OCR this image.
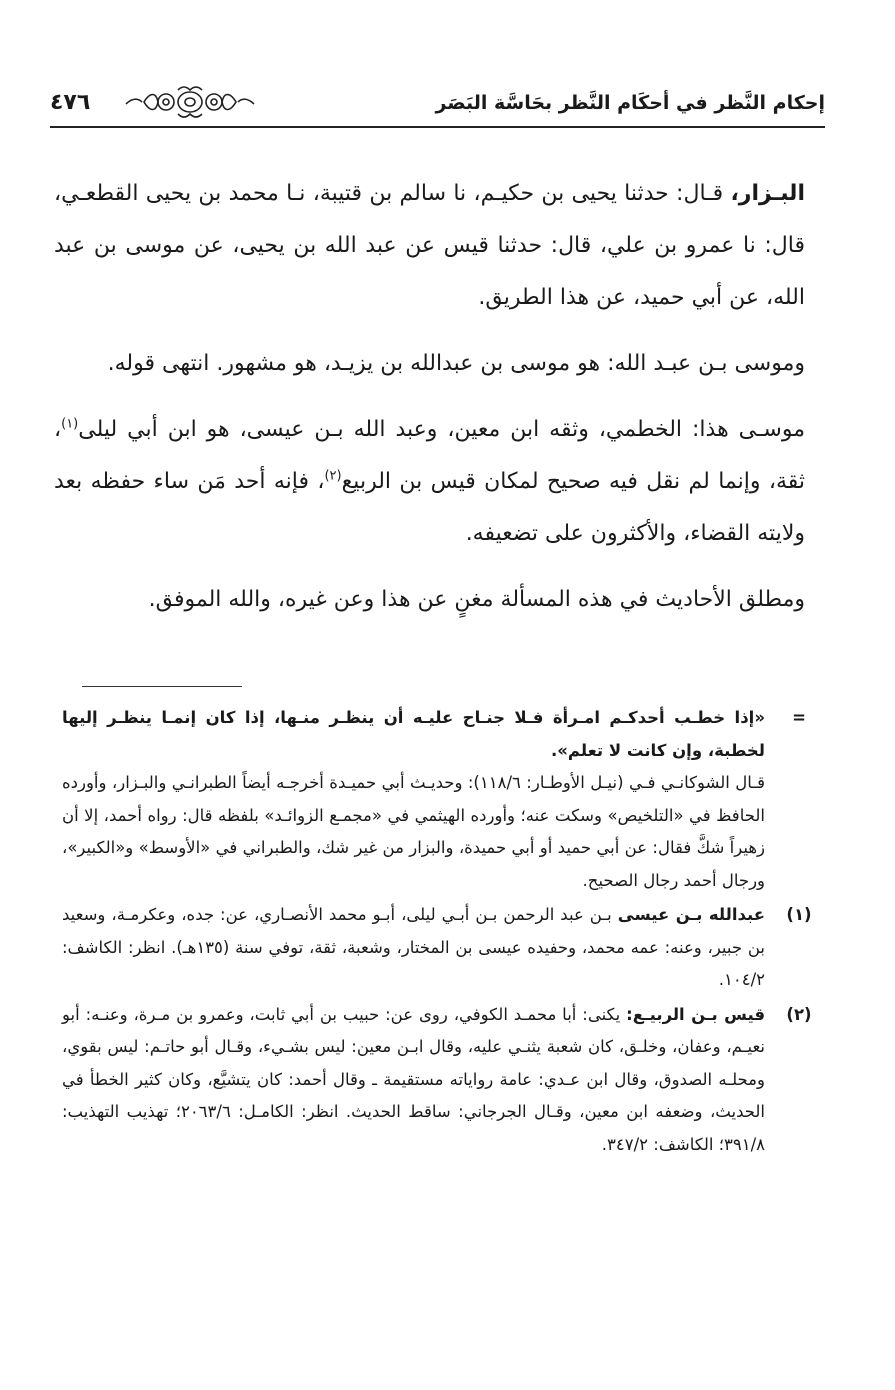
إحكام النَّظر في أحكَام النَّظر بحَاسَّة البَصَر
٤٧٦

البـزار، قـال: حدثنا يحيى بن حكيـم، نا سالم بن قتيبة، نـا محمد بن يحيى القطعـي، قال: نا عمرو بن علي، قال: حدثنا قيس عن عبد الله بن يحيى، عن موسى بن عبد الله، عن أبي حميد، عن هذا الطريق.

وموسى بـن عبـد الله: هو موسى بن عبدالله بن يزيـد، هو مشهور. انتهى قوله.

موسـى هذا: الخطمي، وثقه ابن معين، وعبد الله بـن عيسى، هو ابن أبي ليلى$^{(١)}$، ثقة، وإنما لم نقل فيه صحيح لمكان قيس بن الربيع$^{(٢)}$، فإنه أحد مَن ساء حفظه بعد ولايته القضاء، والأكثرون على تضعيفه.

ومطلق الأحاديث في هذه المسألة مغنٍ عن هذا وعن غيره، والله الموفق.

=

«إذا خطـب أحدكـم امـرأة فـلا جنـاح عليـه أن ينظـر منـها، إذا كان إنمـا ينظـر إليها لخطبة، وإن كانت لا تعلم».

قـال الشوكانـي فـي (نيـل الأوطـار: ١١٨/٦): وحديـث أبي حميـدة أخرجـه أيضاً الطبرانـي والبـزار، وأورده الحافظ في «التلخيص» وسكت عنه؛ وأورده الهيثمي في «مجمـع الزوائـد» بلفظه قال: رواه أحمد، إلا أن زهيراً شكَّ فقال: عن أبي حميد أو أبي حميدة، والبزار من غير شك، والطبراني في «الأوسط» و«الكبير»، ورجال أحمد رجال الصحيح.

(١)

عبدالله بـن عيسى بـن عبد الرحمن بـن أبـي ليلى، أبـو محمد الأنصـاري، عن: جده، وعكرمـة، وسعيد بن جبير، وعنه: عمه محمد، وحفيده عيسى بن المختار، وشعبة، ثقة، توفي سنة (١٣٥هـ). انظر: الكاشف: ١٠٤/٢.

(٢)

قيس بـن الربيـع: يكنى: أبا محمـد الكوفي، روى عن: حبيب بن أبي ثابت، وعمرو بن مـرة، وعنـه: أبو نعيـم، وعفان، وخلـق، كان شعبة يثنـي عليه، وقال ابـن معين: ليس بشـيء، وقـال أبو حاتـم: ليس بقوي، ومحلـه الصدوق، وقال ابن عـدي: عامة رواياته مستقيمة ـ وقال أحمد: كان يتشيَّع، وكان كثير الخطأ في الحديث، وضعفه ابن معين، وقـال الجرجاني: ساقط الحديث. انظر: الكامـل: ٢٠٦٣/٦؛ تهذيب التهذيب: ٣٩١/٨؛ الكاشف: ٣٤٧/٢.
